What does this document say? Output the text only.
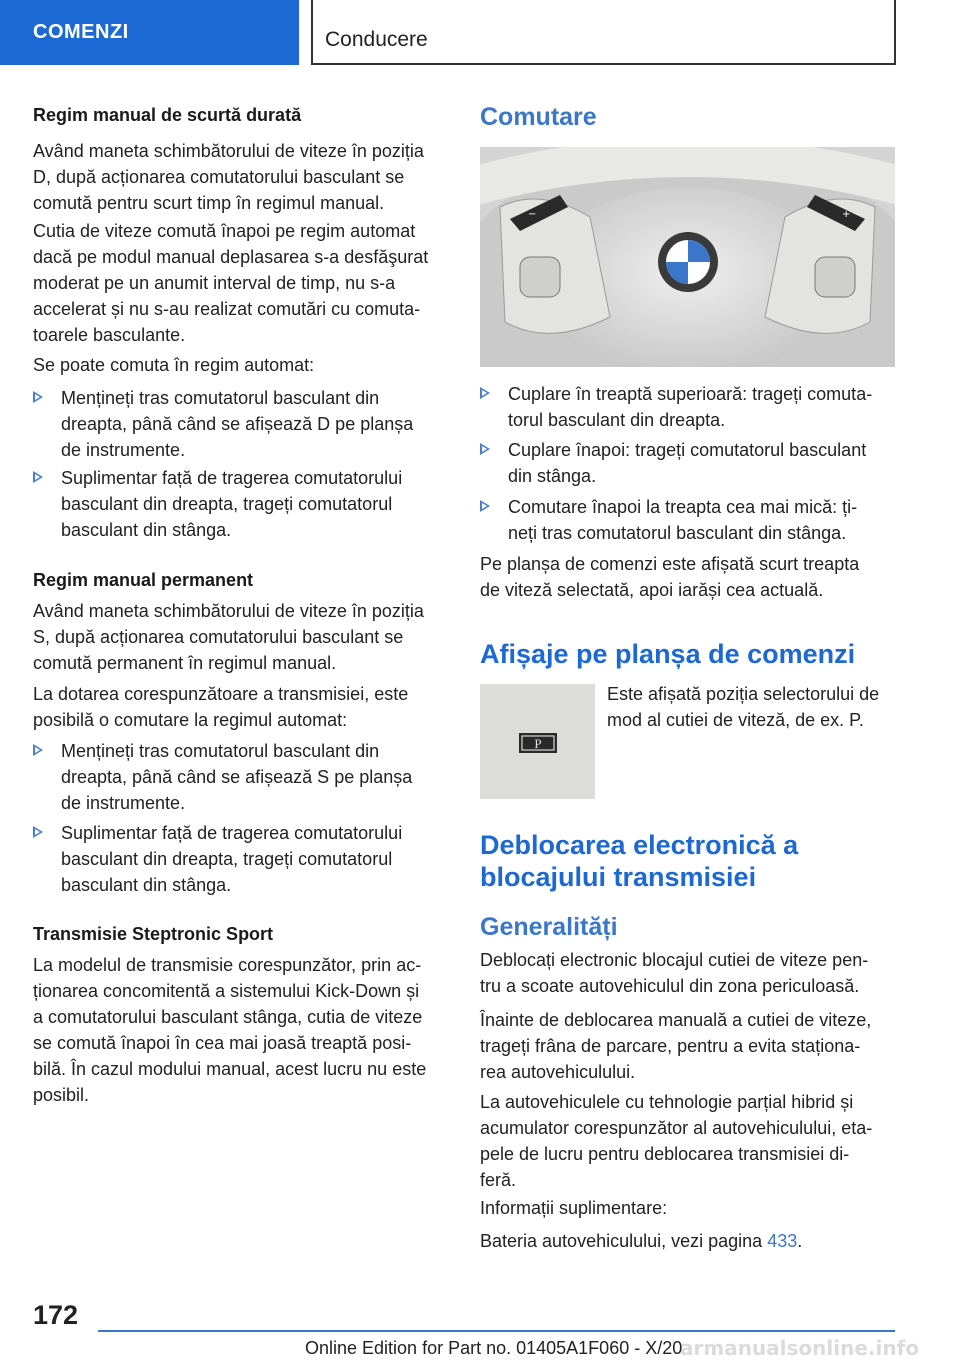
COMENZI	Conducere
Regim manual de scurtă durată
Având maneta schimbătorului de viteze în poziția
D, după acționarea comutatorului basculant se
comută pentru scurt timp în regimul manual.
Cutia de viteze comută înapoi pe regim automat
dacă pe modul manual deplasarea s-a desfăşurat
moderat pe un anumit interval de timp, nu s-a
accelerat și nu s-au realizat comutări cu comuta‐
toarele basculante.
Se poate comuta în regim automat:
Mențineți tras comutatorul basculant din
dreapta, până când se afișează D pe planșa
de instrumente.
Suplimentar față de tragerea comutatorului
basculant din dreapta, trageți comutatorul
basculant din stânga.
Regim manual permanent
Având maneta schimbătorului de viteze în poziția
S, după acționarea comutatorului basculant se
comută permanent în regimul manual.
La dotarea corespunzătoare a transmisiei, este
posibilă o comutare la regimul automat:
Mențineți tras comutatorul basculant din
dreapta, până când se afișează S pe planșa
de instrumente.
Suplimentar față de tragerea comutatorului
basculant din dreapta, trageți comutatorul
basculant din stânga.
Transmisie Steptronic Sport
La modelul de transmisie corespunzător, prin ac‐
ționarea concomitentă a sistemului Kick-Down și
a comutatorului basculant stânga, cutia de viteze
se comută înapoi în cea mai joasă treaptă posi‐
bilă. În cazul modului manual, acest lucru nu este
posibil.
Comutare
−	+
Cuplare în treaptă superioară: trageți comuta‐
torul basculant din dreapta.
Cuplare înapoi: trageți comutatorul basculant
din stânga.
Comutare înapoi la treapta cea mai mică: ți‐
neți tras comutatorul basculant din stânga.
Pe planșa de comenzi este afișată scurt treapta
de viteză selectată, apoi iarăși cea actuală.
Afișaje pe planșa de comenzi
P
Este afișată poziția selectorului de
mod al cutiei de viteză, de ex. P.
Deblocarea electronică a
blocajului transmisiei
Generalități
Deblocați electronic blocajul cutiei de viteze pen‐
tru a scoate autovehiculul din zona periculoasă.
Înainte de deblocarea manuală a cutiei de viteze,
trageți frâna de parcare, pentru a evita staționa‐
rea autovehiculului.
La autovehiculele cu tehnologie parțial hibrid și
acumulator corespunzător al autovehiculului, eta‐
pele de lucru pentru deblocarea transmisiei di‐
feră.
Informații suplimentare:
Bateria autovehiculului, vezi pagina 433.
172
Online Edition for Part no. 01405A1F060 - X/20
armanualsonline.info
